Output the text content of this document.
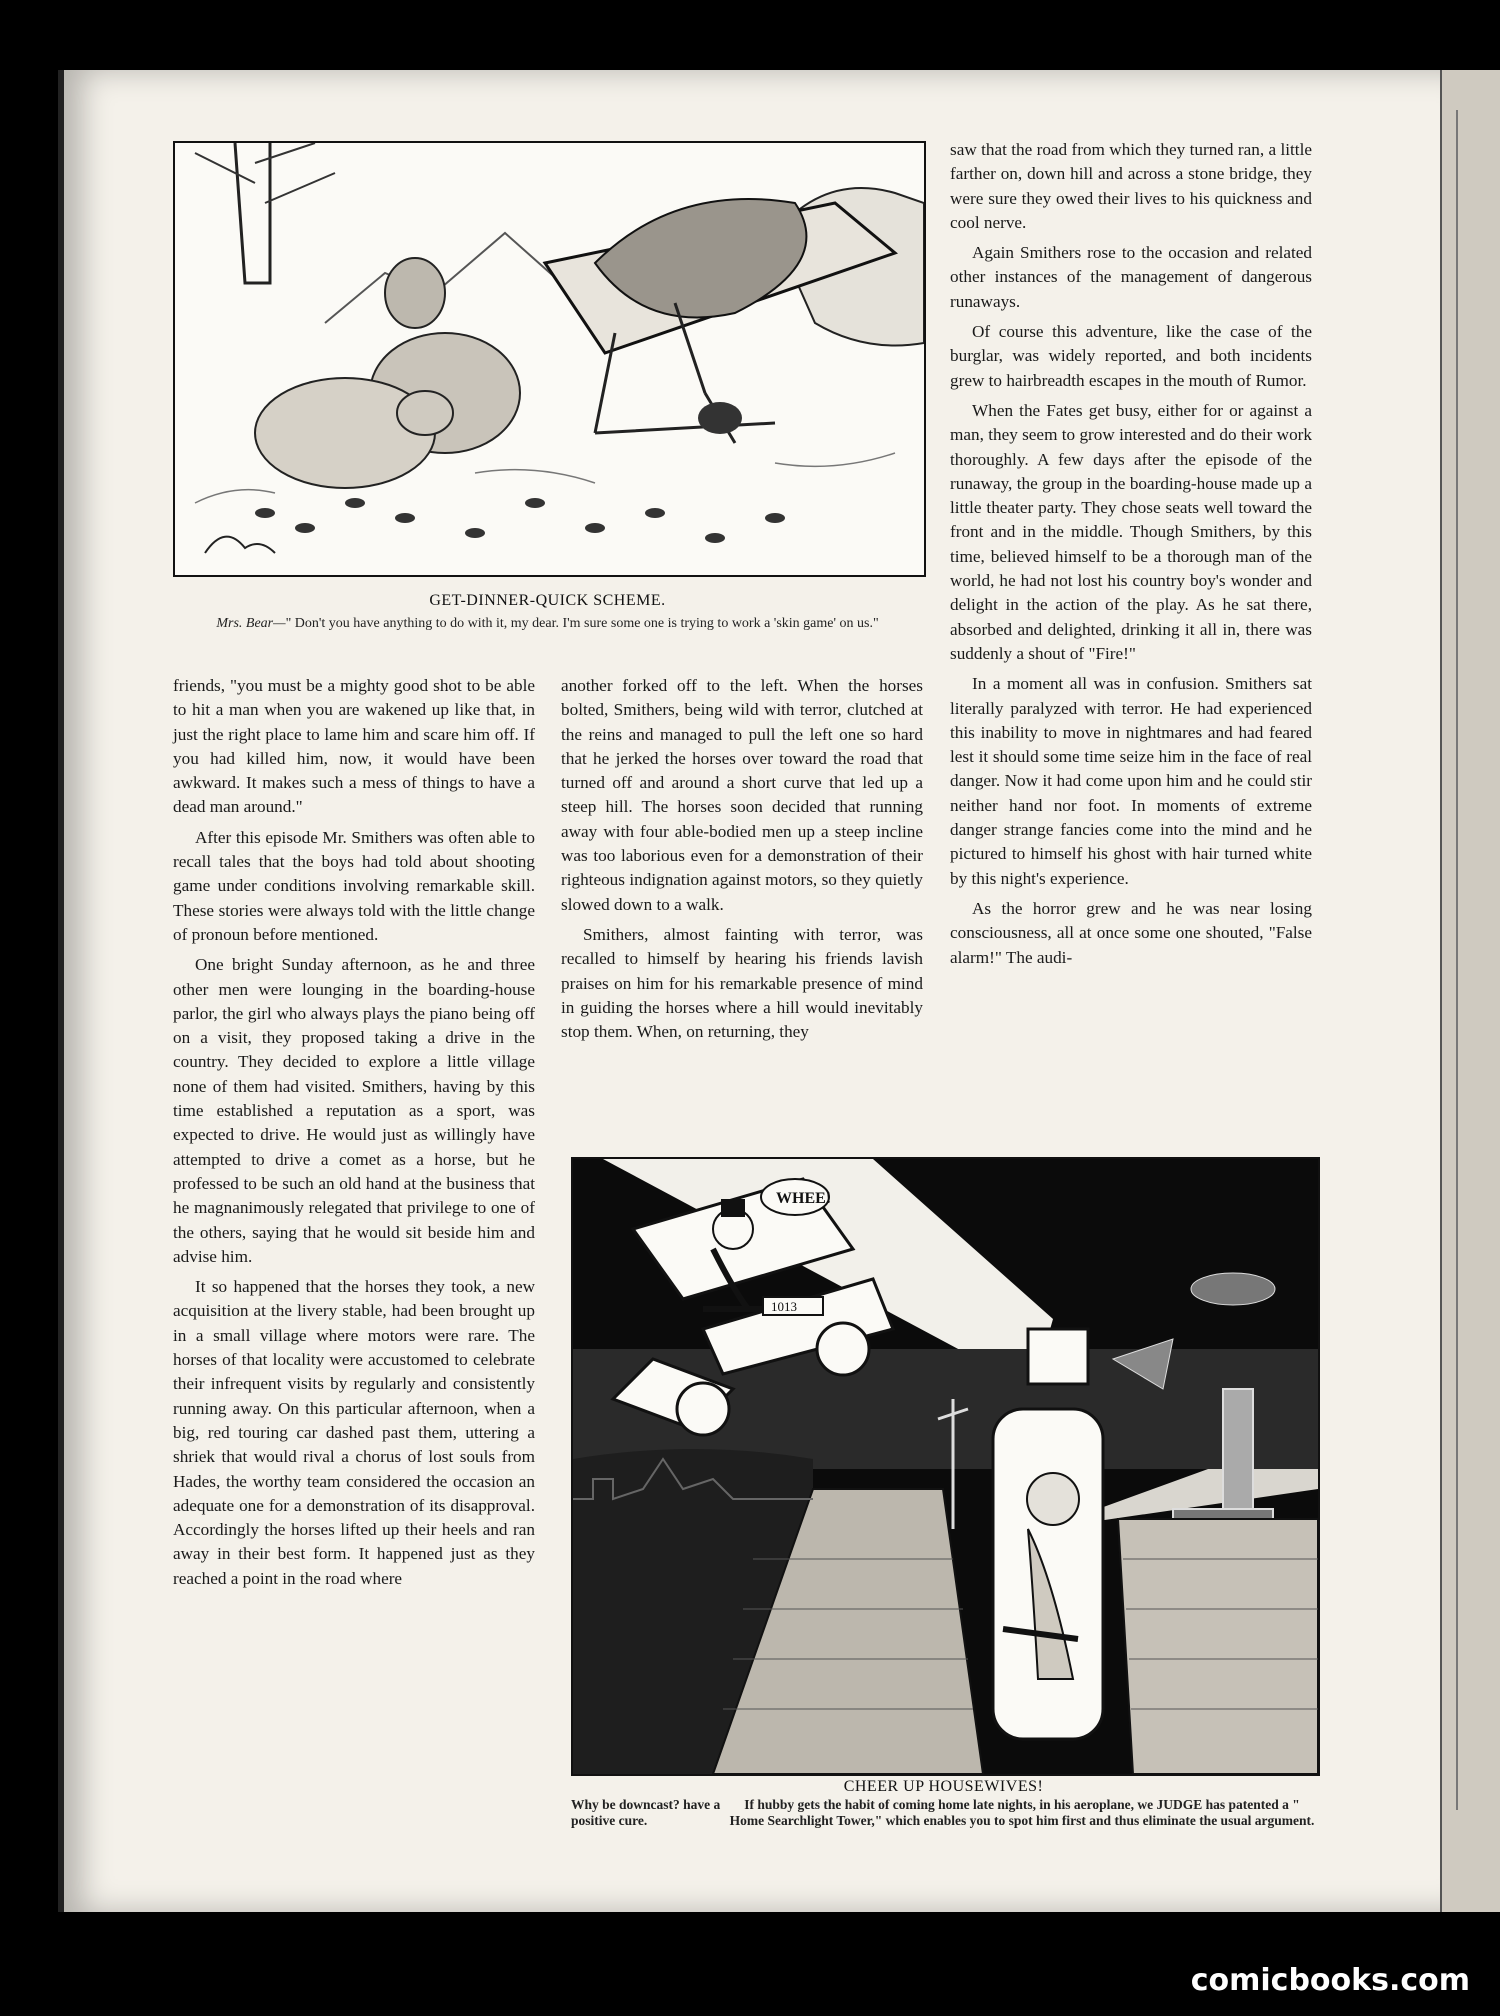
GET-DINNER-QUICK SCHEME.
Mrs. Bear—" Don't you have anything to do with it, my dear. I'm sure some one is trying to work a 'skin game' on us."

friends, "you must be a mighty good shot to be able to hit a man when you are wakened up like that, in just the right place to lame him and scare him off. If you had killed him, now, it would have been awkward. It makes such a mess of things to have a dead man around."

After this episode Mr. Smithers was often able to recall tales that the boys had told about shooting game under conditions involving remarkable skill. These stories were always told with the little change of pronoun before mentioned.

One bright Sunday afternoon, as he and three other men were lounging in the boarding-house parlor, the girl who always plays the piano being off on a visit, they proposed taking a drive in the country. They decided to explore a little village none of them had visited. Smithers, having by this time established a reputation as a sport, was expected to drive. He would just as willingly have attempted to drive a comet as a horse, but he professed to be such an old hand at the business that he magnanimously relegated that privilege to one of the others, saying that he would sit beside him and advise him.

It so happened that the horses they took, a new acquisition at the livery stable, had been brought up in a small village where motors were rare. The horses of that locality were accustomed to celebrate their infrequent visits by regularly and consistently running away. On this particular afternoon, when a big, red touring car dashed past them, uttering a shriek that would rival a chorus of lost souls from Hades, the worthy team considered the occasion an adequate one for a demonstration of its disapproval. Accordingly the horses lifted up their heels and ran away in their best form. It happened just as they reached a point in the road where

another forked off to the left. When the horses bolted, Smithers, being wild with terror, clutched at the reins and managed to pull the left one so hard that he jerked the horses over toward the road that turned off and around a short curve that led up a steep hill. The horses soon decided that running away with four able-bodied men up a steep incline was too laborious even for a demonstration of their righteous indignation against motors, so they quietly slowed down to a walk.

Smithers, almost fainting with terror, was recalled to himself by hearing his friends lavish praises on him for his remarkable presence of mind in guiding the horses where a hill would inevitably stop them. When, on returning, they

saw that the road from which they turned ran, a little farther on, down hill and across a stone bridge, they were sure they owed their lives to his quickness and cool nerve.

Again Smithers rose to the occasion and related other instances of the management of dangerous runaways.

Of course this adventure, like the case of the burglar, was widely reported, and both incidents grew to hairbreadth escapes in the mouth of Rumor.

When the Fates get busy, either for or against a man, they seem to grow interested and do their work thoroughly. A few days after the episode of the runaway, the group in the boarding-house made up a little theater party. They chose seats well toward the front and in the middle. Though Smithers, by this time, believed himself to be a thorough man of the world, he had not lost his country boy's wonder and delight in the action of the play. As he sat there, absorbed and delighted, drinking it all in, there was suddenly a shout of "Fire!"

In a moment all was in confusion. Smithers sat literally paralyzed with terror. He had experienced this inability to move in nightmares and had feared lest it should some time seize him in the face of real danger. Now it had come upon him and he could stir neither hand nor foot. In moments of extreme danger strange fancies come into the mind and he pictured to himself his ghost with hair turned white by this night's experience.

As the horror grew and he was near losing consciousness, all at once some one shouted, "False alarm!" The audi-

WHEE!
1013
CHEER UP HOUSEWIVES!
Why be downcast? have a positive cure.
If hubby gets the habit of coming home late nights, in his aeroplane, we JUDGE has patented a " Home Searchlight Tower," which enables you to spot him first and thus eliminate the usual argument.
comicbooks.com
